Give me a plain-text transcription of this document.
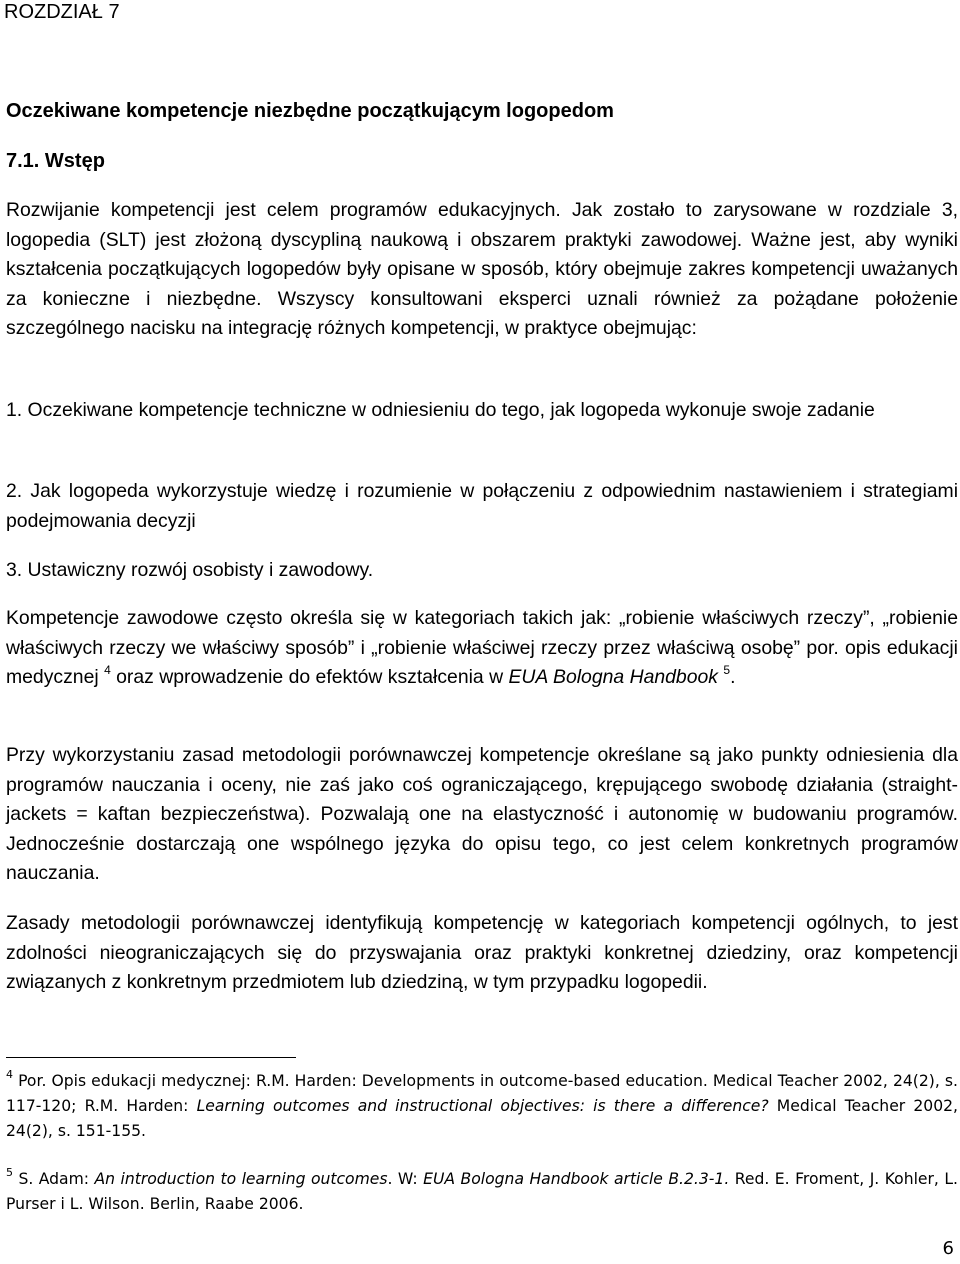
ROZDZIAŁ 7
Oczekiwane kompetencje niezbędne początkującym logopedom
7.1. Wstęp

Rozwijanie kompetencji jest celem programów edukacyjnych. Jak zostało to zarysowane w rozdziale 3, logopedia (SLT) jest złożoną dyscypliną naukową i obszarem praktyki zawodowej. Ważne jest, aby wyniki kształcenia początkujących logopedów były opisane w sposób, który obejmuje zakres kompetencji uważanych za konieczne i niezbędne. Wszyscy konsultowani eksperci uznali również za pożądane położenie szczególnego nacisku na integrację różnych kompetencji, w praktyce obejmując:

1. Oczekiwane kompetencje techniczne w odniesieniu do tego, jak logopeda wykonuje swoje zadanie

2. Jak logopeda wykorzystuje wiedzę i rozumienie w połączeniu z odpowiednim nastawieniem i strategiami podejmowania decyzji

3. Ustawiczny rozwój osobisty i zawodowy.

Kompetencje zawodowe często określa się w kategoriach takich jak: „robienie właściwych rzeczy”, „robienie właściwych rzeczy we właściwy sposób” i „robienie właściwej rzeczy przez właściwą osobę” por. opis edukacji medycznej $^4$ oraz wprowadzenie do efektów kształcenia w EUA Bologna Handbook $^5$.

Przy wykorzystaniu zasad metodologii porównawczej kompetencje określane są jako punkty odniesienia dla programów nauczania i oceny, nie zaś jako coś ograniczającego, krępującego swobodę działania (straight-jackets = kaftan bezpieczeństwa). Pozwalają one na elastyczność i autonomię w budowaniu programów. Jednocześnie dostarczają one wspólnego języka do opisu tego, co jest celem konkretnych programów nauczania.

Zasady metodologii porównawczej identyfikują kompetencję w kategoriach kompetencji ogólnych, to jest zdolności nieograniczających się do przyswajania oraz praktyki konkretnej dziedziny, oraz kompetencji związanych z konkretnym przedmiotem lub dziedziną, w tym przypadku logopedii.

$^4$ Por. Opis edukacji medycznej: R.M. Harden: Developments in outcome-based education. Medical Teacher 2002, 24(2), s. 117-120; R.M. Harden: Learning outcomes and instructional objectives: is there a difference? Medical Teacher 2002, 24(2), s. 151-155.

$^5$ S. Adam: An introduction to learning outcomes. W: EUA Bologna Handbook article B.2.3-1. Red. E. Froment, J. Kohler, L. Purser i L. Wilson. Berlin, Raabe 2006.

6
